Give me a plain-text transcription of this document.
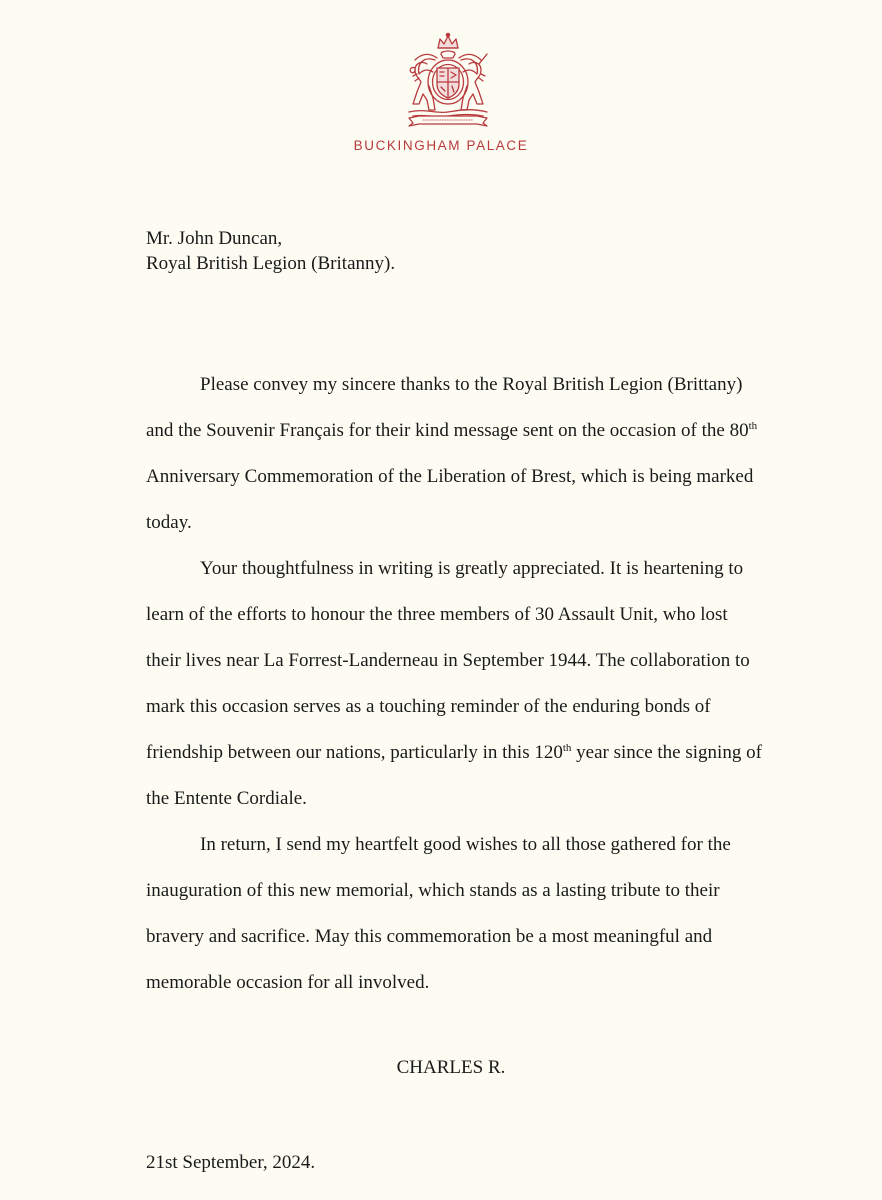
BUCKINGHAM PALACE
Mr. John Duncan,
Royal British Legion (Britanny).

Please convey my sincere thanks to the Royal British Legion (Brittany) and the Souvenir Français for their kind message sent on the occasion of the 80th Anniversary Commemoration of the Liberation of Brest, which is being marked today.

Your thoughtfulness in writing is greatly appreciated. It is heartening to learn of the efforts to honour the three members of 30 Assault Unit, who lost their lives near La Forrest-Landerneau in September 1944. The collaboration to mark this occasion serves as a touching reminder of the enduring bonds of friendship between our nations, particularly in this 120th year since the signing of the Entente Cordiale.

In return, I send my heartfelt good wishes to all those gathered for the inauguration of this new memorial, which stands as a lasting tribute to their bravery and sacrifice. May this commemoration be a most meaningful and memorable occasion for all involved.

CHARLES R.
21st September, 2024.
